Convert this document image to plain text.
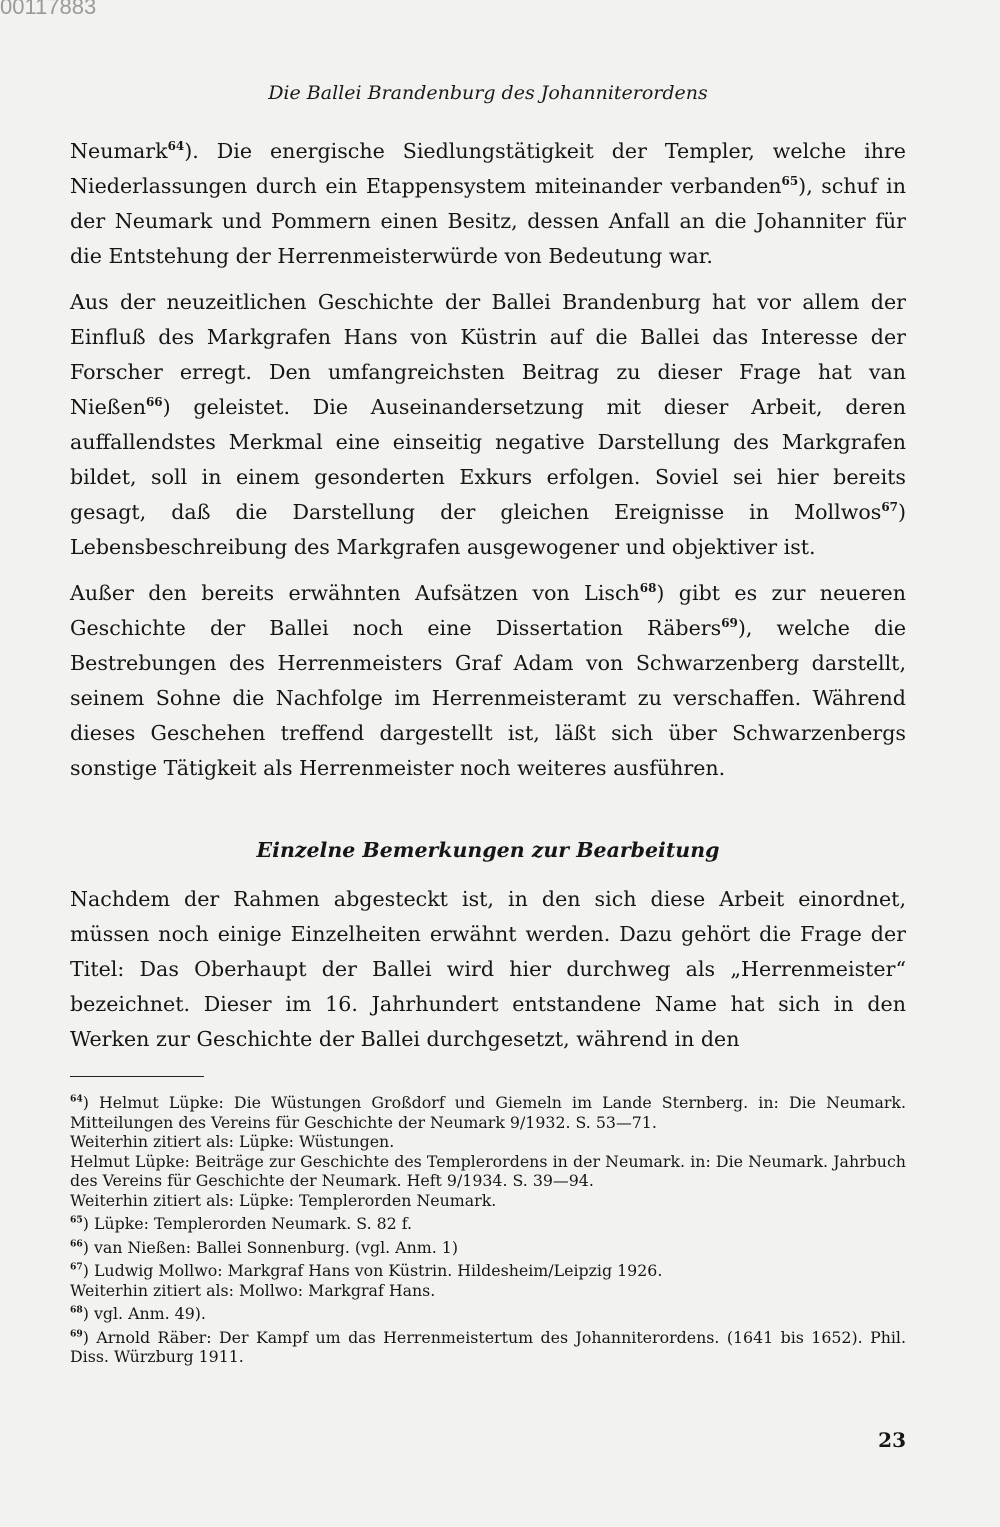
00117883

Die Ballei Brandenburg des Johanniterordens

Neumark$^{64}$). Die energische Siedlungstätigkeit der Templer, welche ihre Niederlassungen durch ein Etappensystem miteinander verbanden$^{65}$), schuf in der Neumark und Pommern einen Besitz, dessen Anfall an die Johanniter für die Entstehung der Herrenmeisterwürde von Bedeutung war.

Aus der neuzeitlichen Geschichte der Ballei Brandenburg hat vor allem der Einfluß des Markgrafen Hans von Küstrin auf die Ballei das Interesse der Forscher erregt. Den umfangreichsten Beitrag zu dieser Frage hat van Nießen$^{66}$) geleistet. Die Auseinandersetzung mit dieser Arbeit, deren auffallendstes Merkmal eine einseitig negative Darstellung des Markgrafen bildet, soll in einem gesonderten Exkurs erfolgen. Soviel sei hier bereits gesagt, daß die Darstellung der gleichen Ereignisse in Mollwos$^{67}$) Lebensbeschreibung des Markgrafen ausgewogener und objektiver ist.

Außer den bereits erwähnten Aufsätzen von Lisch$^{68}$) gibt es zur neueren Geschichte der Ballei noch eine Dissertation Räbers$^{69}$), welche die Bestrebungen des Herrenmeisters Graf Adam von Schwarzenberg darstellt, seinem Sohne die Nachfolge im Herrenmeisteramt zu verschaffen. Während dieses Geschehen treffend dargestellt ist, läßt sich über Schwarzenbergs sonstige Tätigkeit als Herrenmeister noch weiteres ausführen.

Einzelne Bemerkungen zur Bearbeitung

Nachdem der Rahmen abgesteckt ist, in den sich diese Arbeit einordnet, müssen noch einige Einzelheiten erwähnt werden. Dazu gehört die Frage der Titel: Das Oberhaupt der Ballei wird hier durchweg als „Herrenmeister“ bezeichnet. Dieser im 16. Jahrhundert entstandene Name hat sich in den Werken zur Geschichte der Ballei durchgesetzt, während in den

$^{64}$) Helmut Lüpke: Die Wüstungen Großdorf und Giemeln im Lande Sternberg. in: Die Neumark. Mitteilungen des Vereins für Geschichte der Neumark 9/1932. S. 53—71.

Weiterhin zitiert als: Lüpke: Wüstungen.

Helmut Lüpke: Beiträge zur Geschichte des Templerordens in der Neumark. in: Die Neumark. Jahrbuch des Vereins für Geschichte der Neumark. Heft 9/1934. S. 39—94.

Weiterhin zitiert als: Lüpke: Templerorden Neumark.

$^{65}$) Lüpke: Templerorden Neumark. S. 82 f.

$^{66}$) van Nießen: Ballei Sonnenburg. (vgl. Anm. 1)

$^{67}$) Ludwig Mollwo: Markgraf Hans von Küstrin. Hildesheim/Leipzig 1926.

Weiterhin zitiert als: Mollwo: Markgraf Hans.

$^{68}$) vgl. Anm. 49).

$^{69}$) Arnold Räber: Der Kampf um das Herrenmeistertum des Johanniterordens. (1641 bis 1652). Phil. Diss. Würzburg 1911.

23
